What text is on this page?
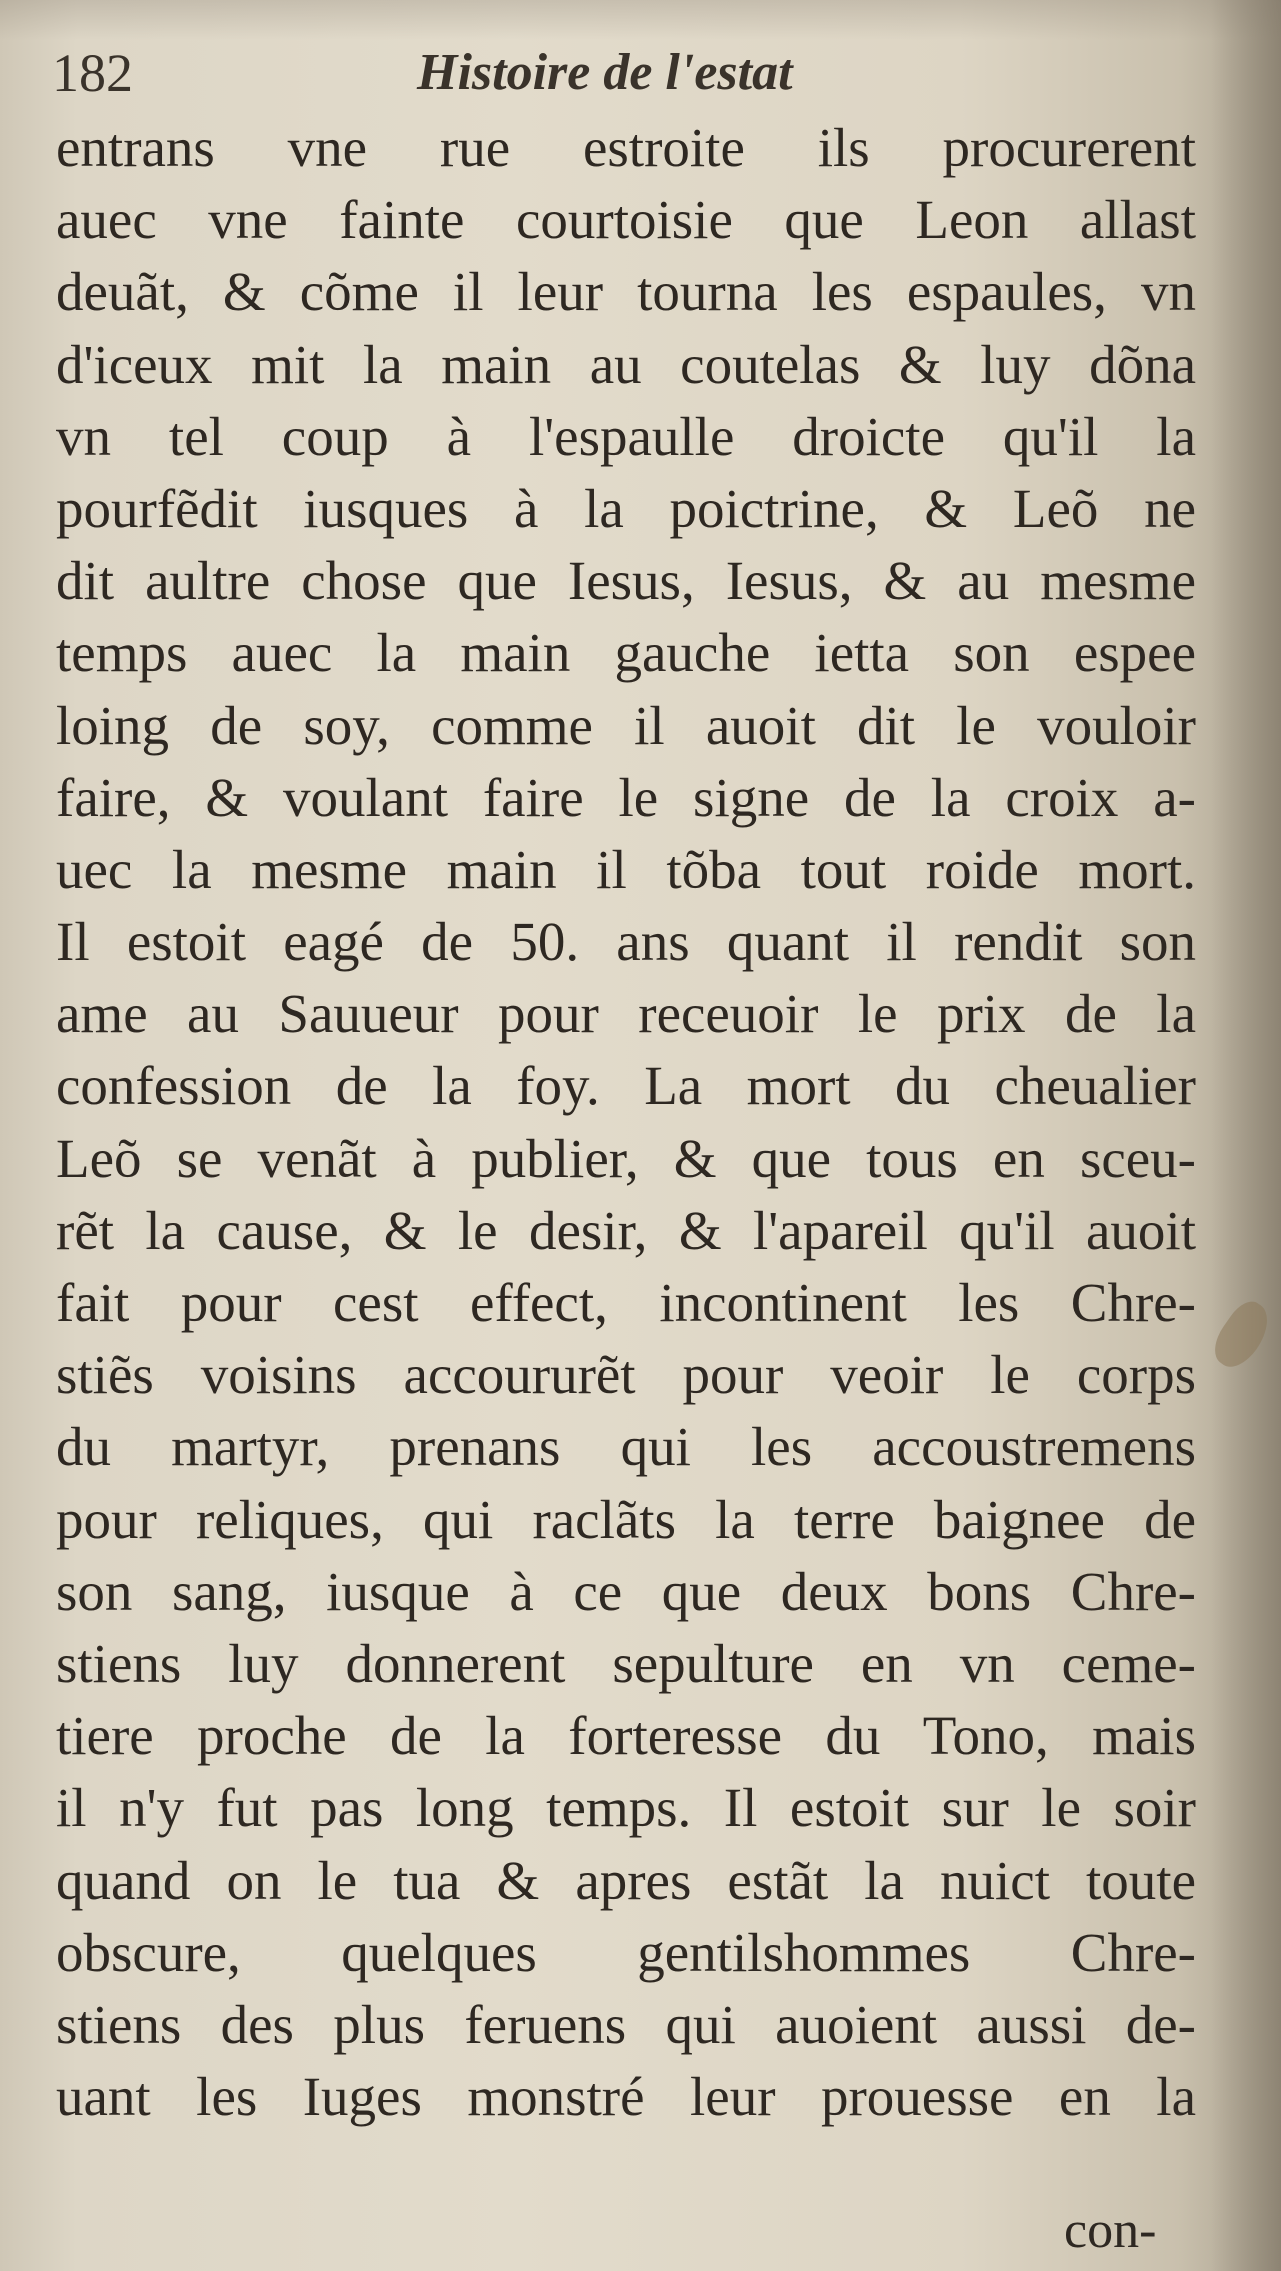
182	Histoire de l'estat
entrans vne rue estroite ils procurerent
auec vne fainte courtoisie que Leon allast
deuãt, & cõme il leur tourna les espaules, vn
d'iceux mit la main au coutelas & luy dõna
vn tel coup à l'espaulle droicte qu'il la
pourfẽdit iusques à la poictrine, & Leõ ne
dit aultre chose que Iesus, Iesus, & au mesme
temps auec la main gauche ietta son espee
loing de soy, comme il auoit dit le vouloir
faire, & voulant faire le signe de la croix a-
uec la mesme main il tõba tout roide mort.
Il estoit eagé de 50. ans quant il rendit son
ame au Sauueur pour receuoir le prix de la
confession de la foy. La mort du cheualier
Leõ se venãt à publier, & que tous en sceu-
rẽt la cause, & le desir, & l'apareil qu'il auoit
fait pour cest effect, incontinent les Chre-
stiẽs voisins accoururẽt pour veoir le corps
du martyr, prenans qui les accoustremens
pour reliques, qui raclãts la terre baignee de
son sang, iusque à ce que deux bons Chre-
stiens luy donnerent sepulture en vn ceme-
tiere proche de la forteresse du Tono, mais
il n'y fut pas long temps. Il estoit sur le soir
quand on le tua & apres estãt la nuict toute
obscure, quelques gentilshommes Chre-
stiens des plus feruens qui auoient aussi de-
uant les Iuges monstré leur prouesse en la
con-
